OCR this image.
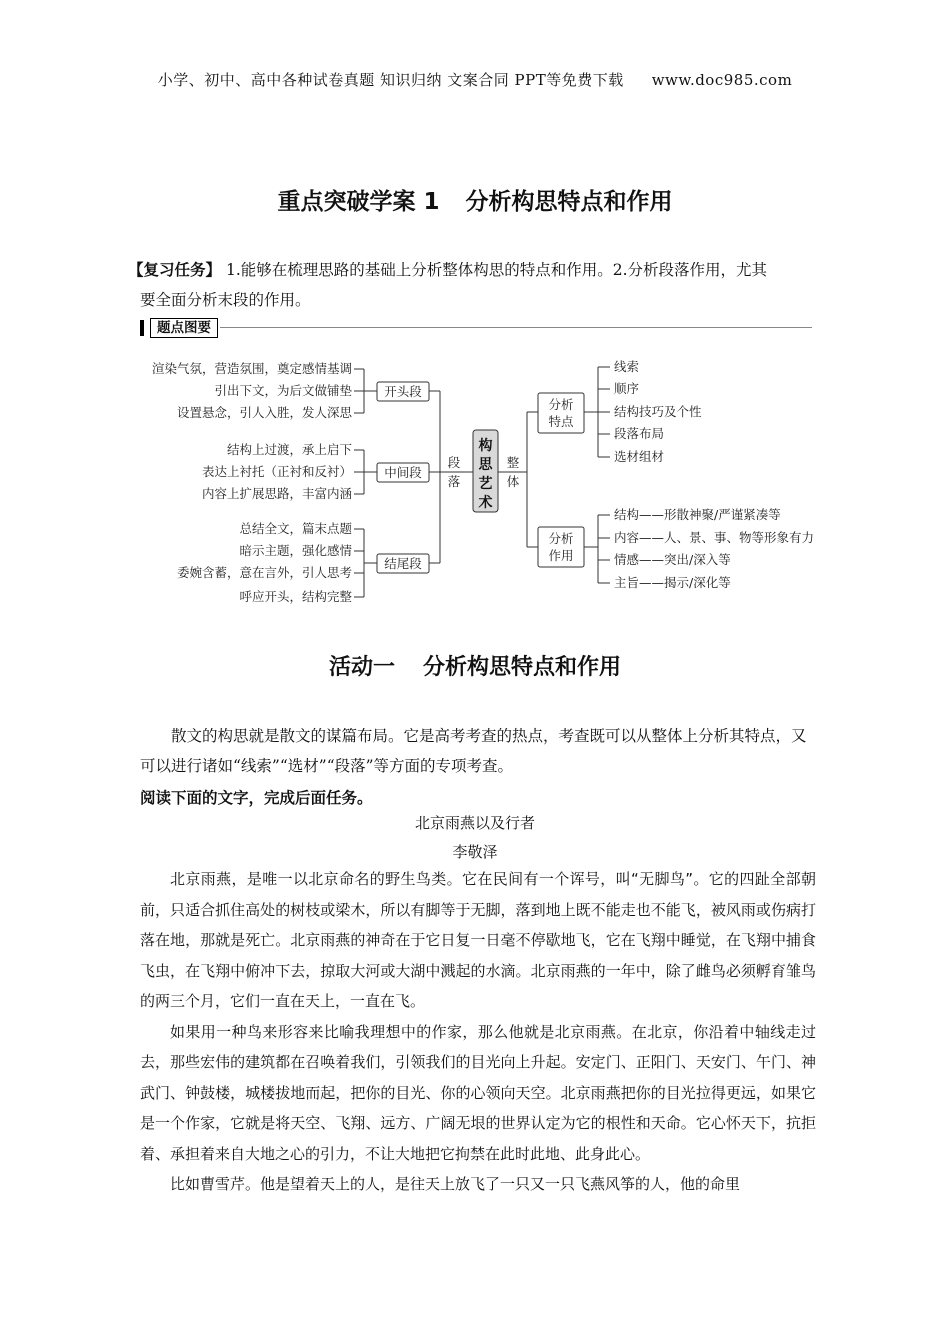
小学、初中、高中各种试卷真题 知识归纳 文案合同 PPT等免费下载 www.doc985.com
重点突破学案 1 分析构思特点和作用
【复习任务】 1.能够在梳理思路的基础上分析整体构思的特点和作用。2.分析段落作用，尤其
要全面分析末段的作用。
题点图要
渲染气氛，营造氛围，奠定感情基调
引出下文，为后文做铺垫
设置悬念，引人入胜，发人深思
结构上过渡，承上启下
表达上衬托（正衬和反衬）
内容上扩展思路，丰富内涵
总结全文，篇末点题
暗示主题，强化感情
委婉含蓄，意在言外，引人思考
呼应开头，结构完整
开头段
中间段
结尾段
段
落
整
体
分析
特点
分析
作用
构
思
艺
术
线索
顺序
结构技巧及个性
段落布局
选材组材
结构——形散神聚/严谨紧凑等
内容——人、景、事、物等形象有力
情感——突出/深入等
主旨——揭示/深化等
活动一 分析构思特点和作用

散文的构思就是散文的谋篇布局。它是高考考查的热点，考查既可以从整体上分析其特点，又可以进行诸如“线索”“选材”“段落”等方面的专项考查。

阅读下面的文字，完成后面任务。
北京雨燕以及行者
李敬泽

北京雨燕，是唯一以北京命名的野生鸟类。它在民间有一个诨号，叫“无脚鸟”。它的四趾全部朝前，只适合抓住高处的树枝或梁木，所以有脚等于无脚，落到地上既不能走也不能飞，被风雨或伤病打落在地，那就是死亡。北京雨燕的神奇在于它日复一日毫不停歇地飞，它在飞翔中睡觉，在飞翔中捕食飞虫，在飞翔中俯冲下去，掠取大河或大湖中溅起的水滴。北京雨燕的一年中，除了雌鸟必须孵育雏鸟的两三个月，它们一直在天上，一直在飞。

如果用一种鸟来形容来比喻我理想中的作家，那么他就是北京雨燕。在北京，你沿着中轴线走过去，那些宏伟的建筑都在召唤着我们，引领我们的目光向上升起。安定门、正阳门、天安门、午门、神武门、钟鼓楼，城楼拔地而起，把你的目光、你的心领向天空。北京雨燕把你的目光拉得更远，如果它是一个作家，它就是将天空、飞翔、远方、广阔无垠的世界认定为它的根性和天命。它心怀天下，抗拒着、承担着来自大地之心的引力，不让大地把它拘禁在此时此地、此身此心。

比如曹雪芹。他是望着天上的人，是往天上放飞了一只又一只飞燕风筝的人，他的命里
